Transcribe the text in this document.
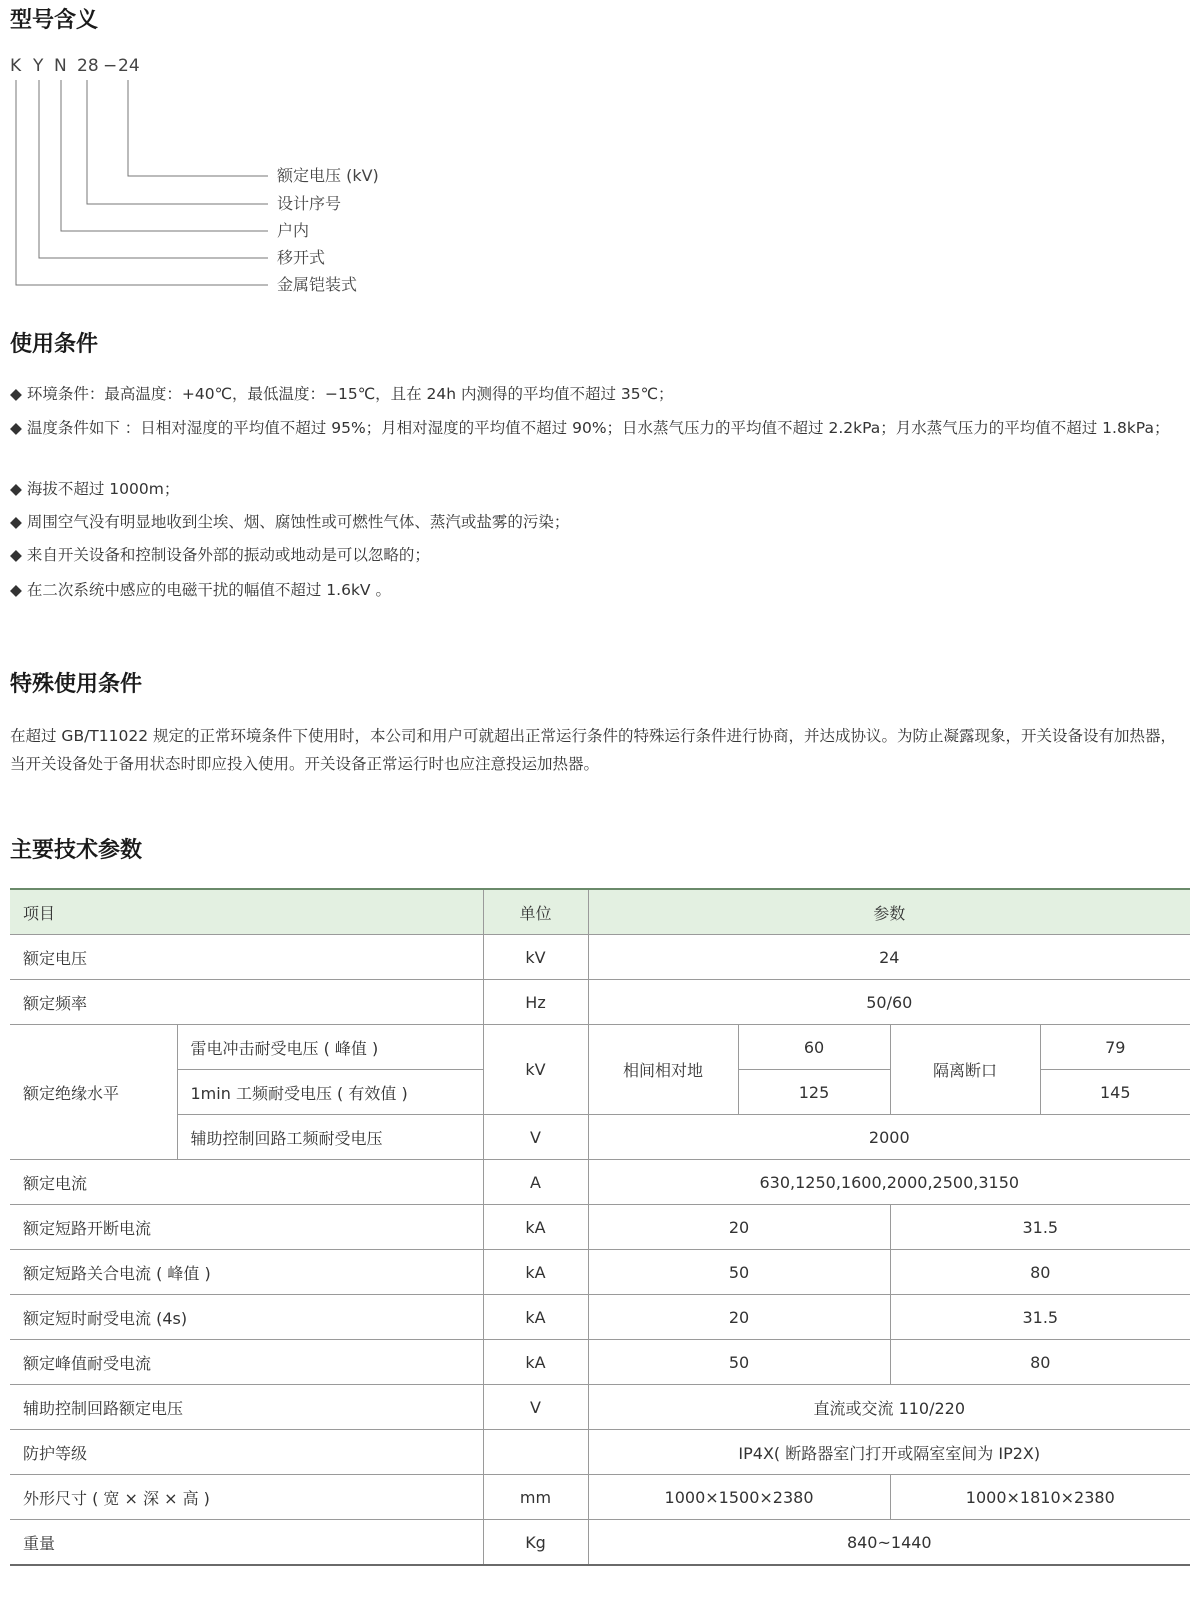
型号含义
K Y N 28 − 24
额定电压 (kV)
设计序号
户内
移开式
金属铠装式
使用条件

◆ 环境条件：最高温度：+40℃，最低温度：−15℃，且在 24h 内测得的平均值不超过 35℃；

◆ 温度条件如下 ：日相对湿度的平均值不超过 95%；月相对湿度的平均值不超过 90%；日水蒸气压力的平均值不超过 2.2kPa；月水蒸气压力的平均值不超过 1.8kPa；

◆ 海拔不超过 1000m；

◆ 周围空气没有明显地收到尘埃、烟、腐蚀性或可燃性气体、蒸汽或盐雾的污染；

◆ 来自开关设备和控制设备外部的振动或地动是可以忽略的；

◆ 在二次系统中感应的电磁干扰的幅值不超过 1.6kV 。

特殊使用条件

在超过 GB/T11022 规定的正常环境条件下使用时，本公司和用户可就超出正常运行条件的特殊运行条件进行协商，并达成协议。为防止凝露现象，开关设备设有加热器，当开关设备处于备用状态时即应投入使用。开关设备正常运行时也应注意投运加热器。

主要技术参数
项目		单位	参数			
额定电压		kV	24			
额定频率		Hz	50/60			
额定绝缘水平	雷电冲击耐受电压 ( 峰值 )	kV	相间相对地	60	隔离断口	79
	1min 工频耐受电压 ( 有效值 )			125		145
	辅助控制回路工频耐受电压	V	2000			
额定电流		A	630,1250,1600,2000,2500,3150			
额定短路开断电流		kA	20		31.5	
额定短路关合电流 ( 峰值 )		kA	50		80	
额定短时耐受电流 (4s)		kA	20		31.5	
额定峰值耐受电流		kA	50		80	
辅助控制回路额定电压		V	直流或交流 110/220			
防护等级			IP4X( 断路器室门打开或隔室室间为 IP2X)			
外形尺寸 ( 宽 × 深 × 高 )		mm	1000×1500×2380		1000×1810×2380	
重量		Kg	840~1440			
